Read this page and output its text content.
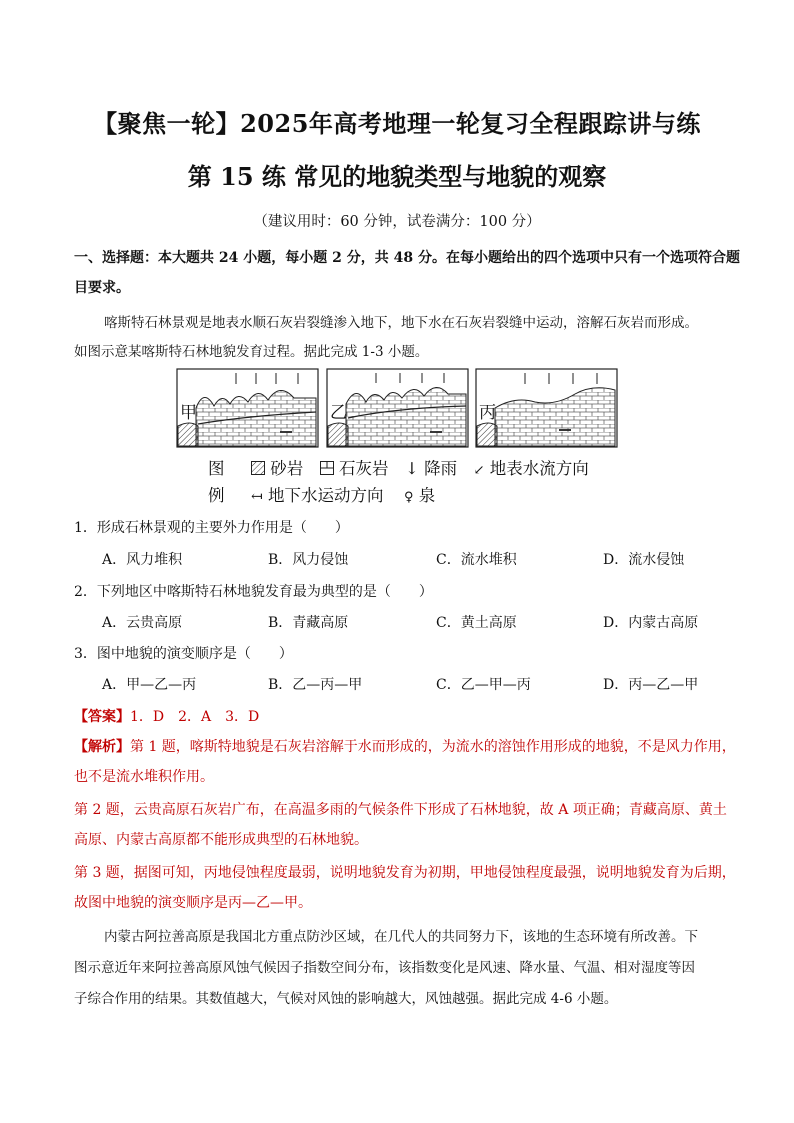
【聚焦一轮】2025年高考地理一轮复习全程跟踪讲与练
第 15 练 常见的地貌类型与地貌的观察
（建议用时：60 分钟，试卷满分：100 分）
一、选择题：本大题共 24 小题，每小题 2 分，共 48 分。在每小题给出的四个选项中只有一个选项符合题
目要求。
喀斯特石林景观是地表水顺石灰岩裂缝渗入地下，地下水在石灰岩裂缝中运动，溶解石灰岩而形成。
如图示意某喀斯特石林地貌发育过程。据此完成 1-3 小题。
甲	乙	丙
图	砂岩 石灰岩 ↓ 降雨 ↙ 地表水流方向
例 ↤ 地下水运动方向 ♀ 泉
1．形成石林景观的主要外力作用是（　　）
A．风力堆积	B．风力侵蚀	C．流水堆积	D．流水侵蚀
2．下列地区中喀斯特石林地貌发育最为典型的是（　　）
A．云贵高原	B．青藏高原	C．黄土高原	D．内蒙古高原
3．图中地貌的演变顺序是（　　）
A．甲—乙—丙	B．乙—丙—甲	C．乙—甲—丙	D．丙—乙—甲
【答案】1．D　2．A　3．D
【解析】第 1 题，喀斯特地貌是石灰岩溶解于水而形成的，为流水的溶蚀作用形成的地貌，不是风力作用，
也不是流水堆积作用。
第 2 题，云贵高原石灰岩广布，在高温多雨的气候条件下形成了石林地貌，故 A 项正确；青藏高原、黄土
高原、内蒙古高原都不能形成典型的石林地貌。
第 3 题，据图可知，丙地侵蚀程度最弱，说明地貌发育为初期，甲地侵蚀程度最强，说明地貌发育为后期，
故图中地貌的演变顺序是丙—乙—甲。
内蒙古阿拉善高原是我国北方重点防沙区域，在几代人的共同努力下，该地的生态环境有所改善。下
图示意近年来阿拉善高原风蚀气候因子指数空间分布，该指数变化是风速、降水量、气温、相对湿度等因
子综合作用的结果。其数值越大，气候对风蚀的影响越大，风蚀越强。据此完成 4-6 小题。
